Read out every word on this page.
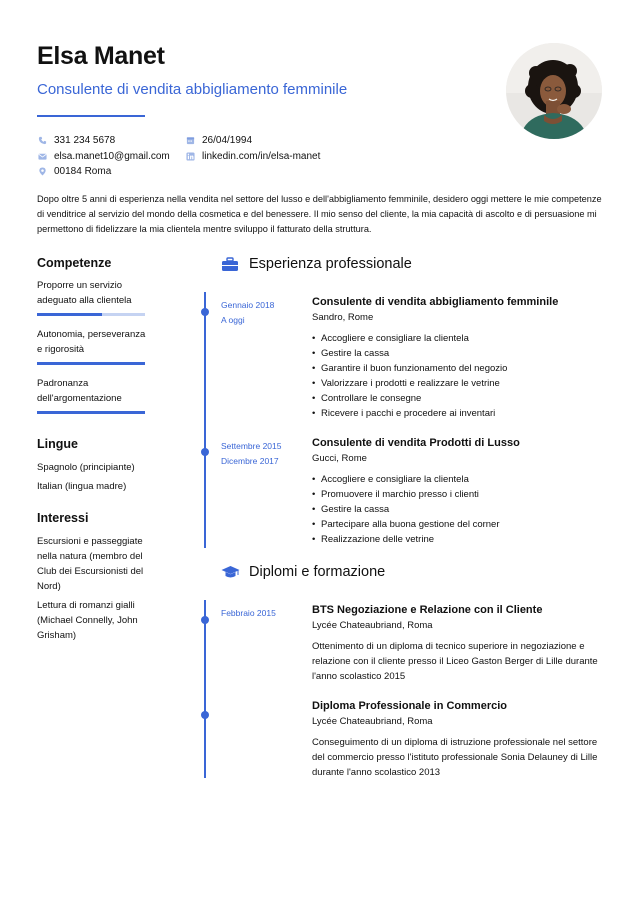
Elsa Manet
Consulente di vendita abbigliamento femminile
331 234 5678
elsa.manet10@gmail.com
00184 Roma
26/04/1994
linkedin.com/in/elsa-manet

Dopo oltre 5 anni di esperienza nella vendita nel settore del lusso e dell'abbigliamento femminile, desidero oggi mettere le mie competenze di venditrice al servizio del mondo della cosmetica e del benessere. Il mio senso del cliente, la mia capacità di ascolto e di persuasione mi permettono di fidelizzare la mia clientela mentre sviluppo il fatturato della struttura.

Competenze
Proporre un servizio adeguato alla clientela
Autonomia, perseveranza e rigorosità
Padronanza dell'argomentazione
Lingue
Spagnolo (principiante)
Italian (lingua madre)
Interessi
Escursioni e passeggiate nella natura (membro del Club dei Escursionisti del Nord)
Lettura di romanzi gialli (Michael Connelly, John Grisham)
Esperienza professionale
Gennaio 2018
A oggi
Consulente di vendita abbigliamento femminile
Sandro, Rome
• Accogliere e consigliare la clientela
• Gestire la cassa
• Garantire il buon funzionamento del negozio
• Valorizzare i prodotti e realizzare le vetrine
• Controllare le consegne
• Ricevere i pacchi e procedere ai inventari
Settembre 2015
Dicembre 2017
Consulente di vendita Prodotti di Lusso
Gucci, Rome
• Accogliere e consigliare la clientela
• Promuovere il marchio presso i clienti
• Gestire la cassa
• Partecipare alla buona gestione del corner
• Realizzazione delle vetrine
Diplomi e formazione
Febbraio 2015	BTS Negoziazione e Relazione con il Cliente
Lycée Chateaubriand, Roma

Ottenimento di un diploma di tecnico superiore in negoziazione e relazione con il cliente presso il Liceo Gaston Berger di Lille durante l'anno scolastico 2015

Diploma Professionale in Commercio
Lycée Chateaubriand, Roma

Conseguimento di un diploma di istruzione professionale nel settore del commercio presso l'istituto professionale Sonia Delauney di Lille durante l'anno scolastico 2013
